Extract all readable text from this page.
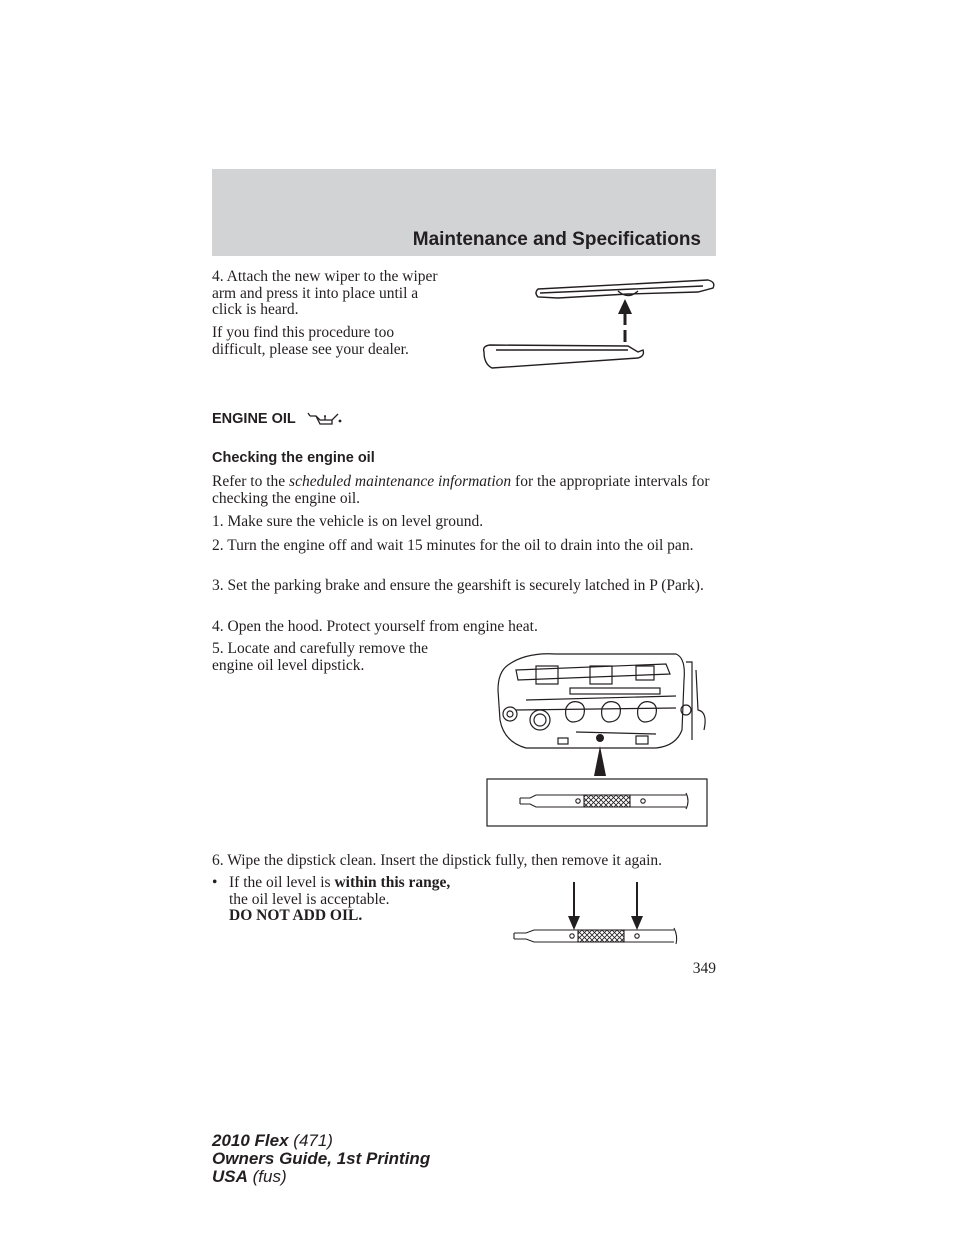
Maintenance and Specifications

4. Attach the new wiper to the wiper arm and press it into place until a click is heard.

If you find this procedure too difficult, please see your dealer.

ENGINE OIL
Checking the engine oil

Refer to the scheduled maintenance information for the appropriate intervals for checking the engine oil.

1. Make sure the vehicle is on level ground.

2. Turn the engine off and wait 15 minutes for the oil to drain into the oil pan.

3. Set the parking brake and ensure the gearshift is securely latched in P (Park).

4. Open the hood. Protect yourself from engine heat.

5. Locate and carefully remove the engine oil level dipstick.

6. Wipe the dipstick clean. Insert the dipstick fully, then remove it again.

• If the oil level is within this range, the oil level is acceptable.
DO NOT ADD OIL.

349
2010 Flex (471)
Owners Guide, 1st Printing
USA (fus)
